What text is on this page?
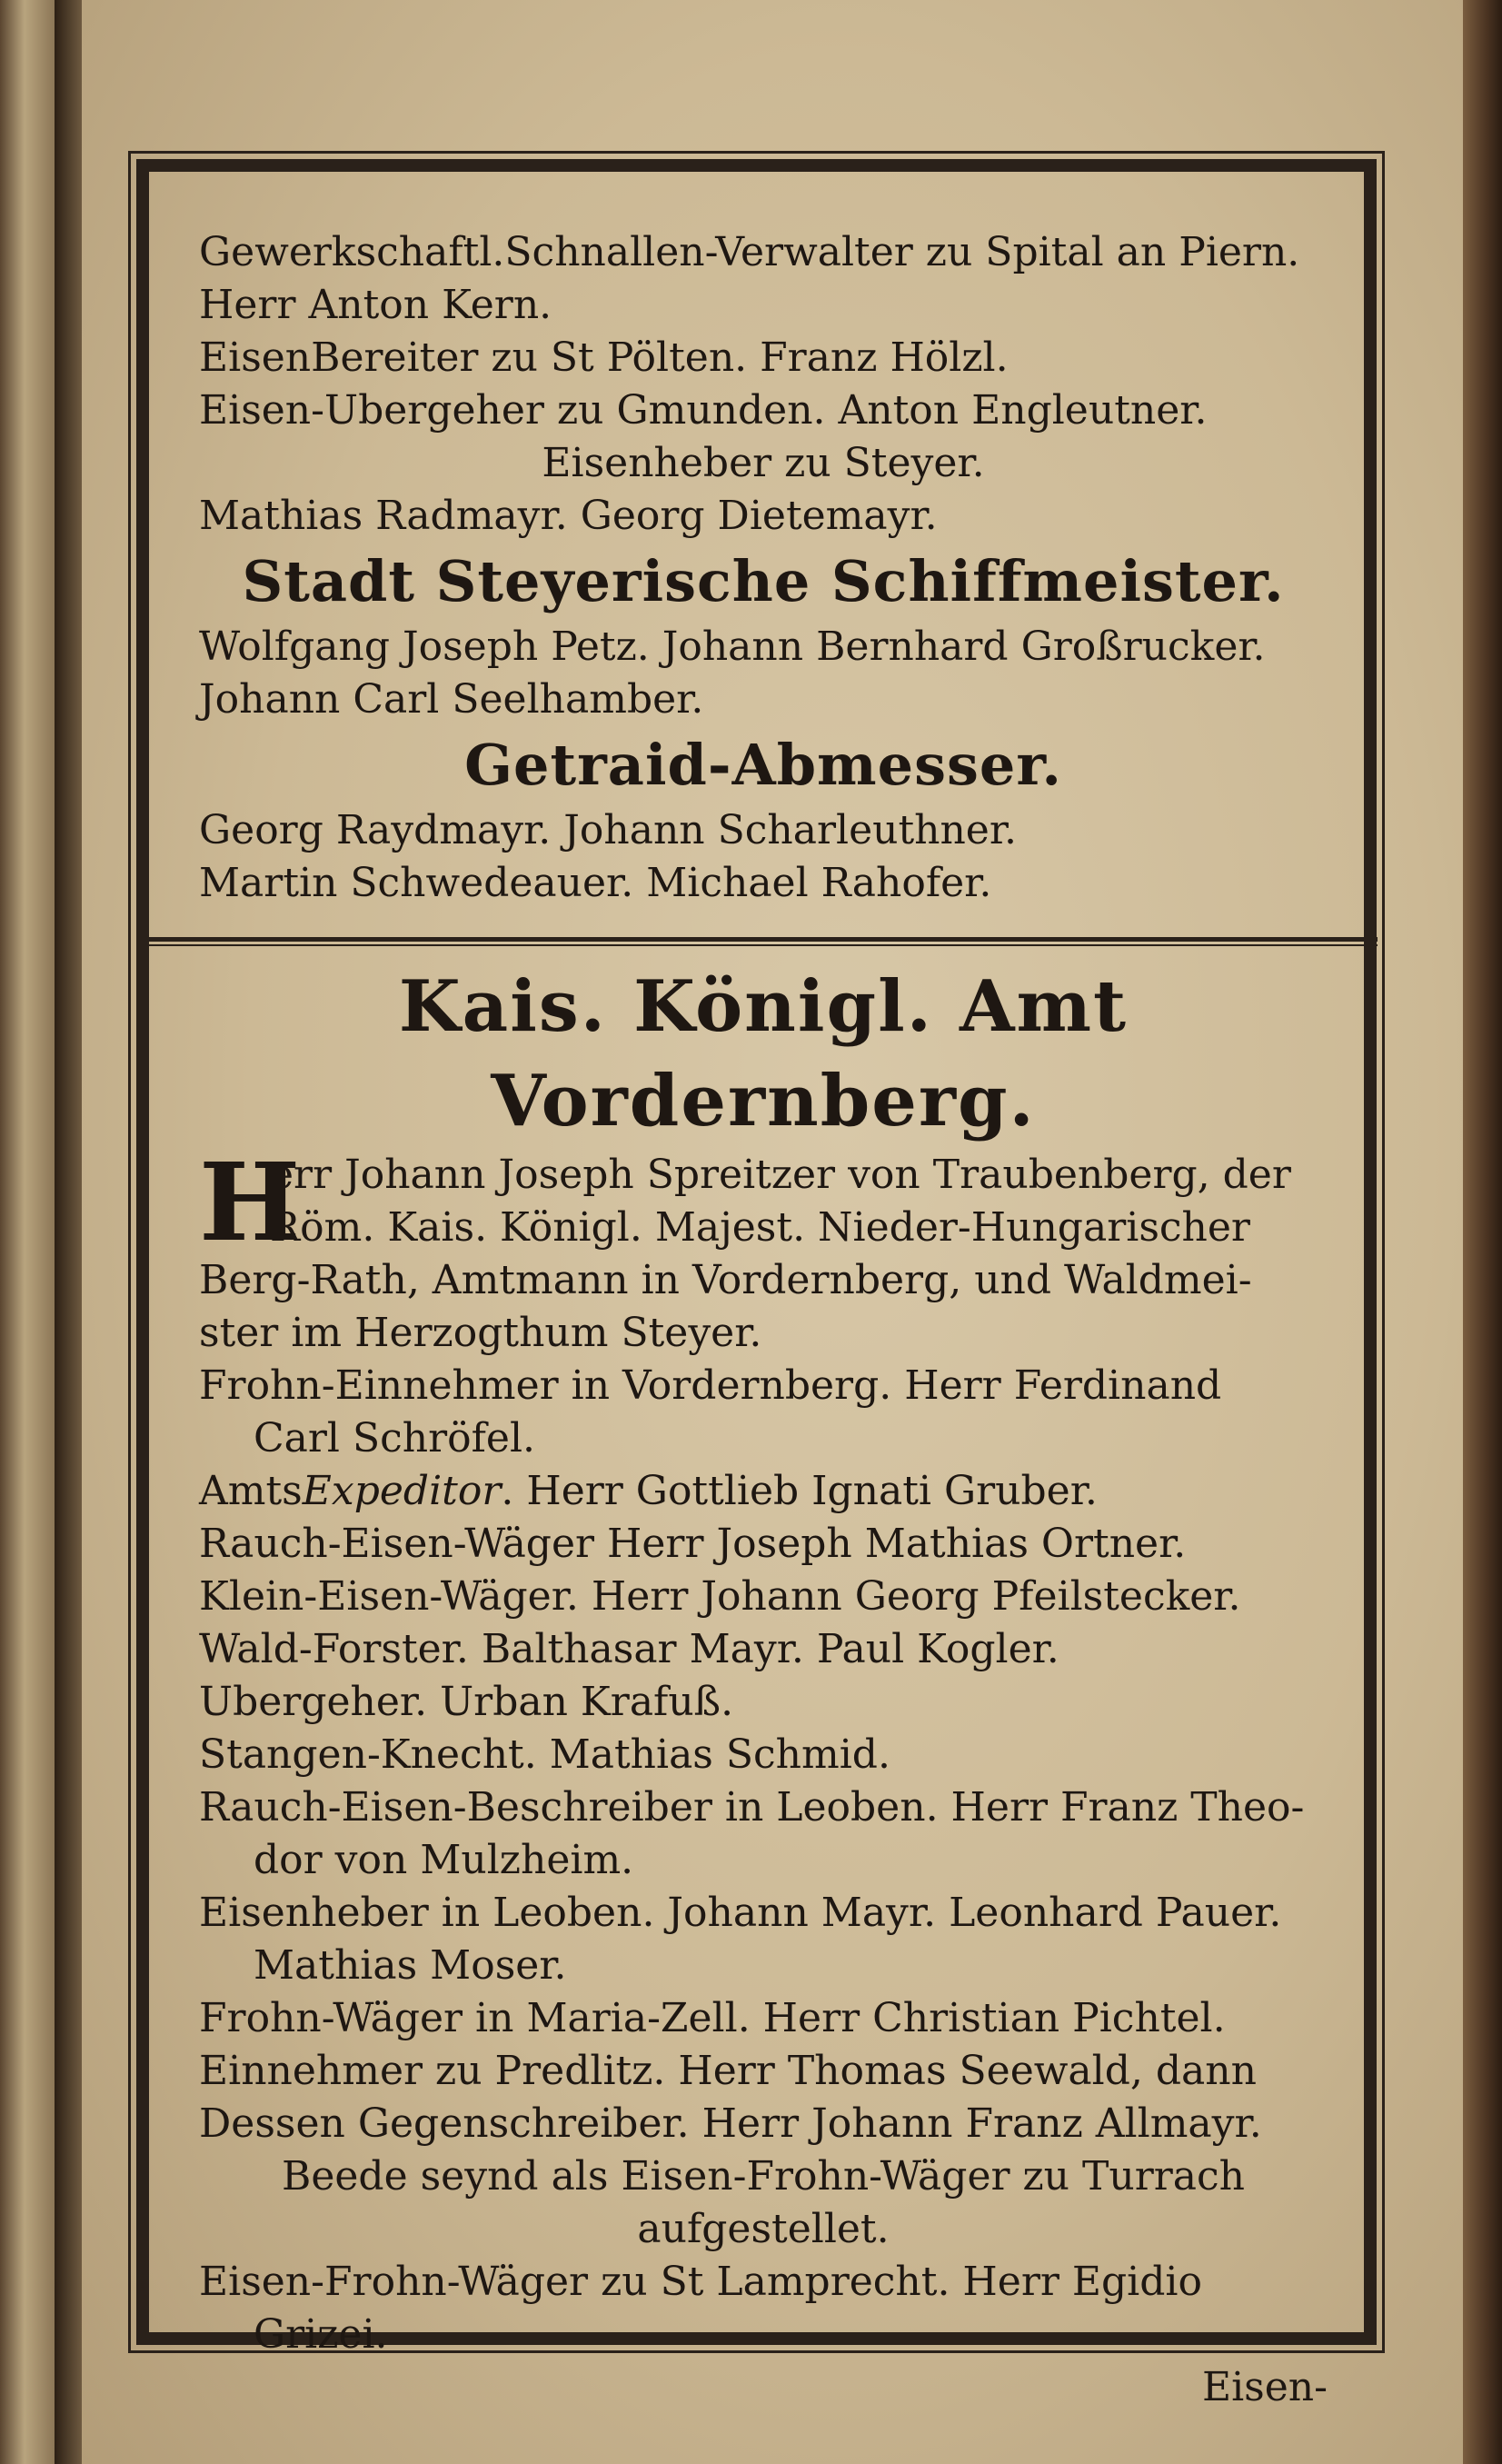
Gewerkschaftl.Schnallen-Verwalter zu Spital an Piern.
Herr Anton Kern.
EisenBereiter zu St Pölten. Franz Hölzl.
Eisen-Ubergeher zu Gmunden. Anton Engleutner.
Eisenheber zu Steyer.
Mathias Radmayr. Georg Dietemayr.
Stadt Steyerische Schiffmeister.
Wolfgang Joseph Petz. Johann Bernhard Großrucker.
Johann Carl Seelhamber.
Getraid-Abmesser.
Georg Raydmayr. Johann Scharleuthner.
Martin Schwedeauer. Michael Rahofer.
Kais. Königl. Amt Vordernberg.
H
err Johann Joseph Spreitzer von Traubenberg, der
Röm. Kais. Königl. Majest. Nieder-Hungarischer
Berg-Rath, Amtmann in Vordernberg, und Waldmei-
ster im Herzogthum Steyer.
Frohn-Einnehmer in Vordernberg. Herr Ferdinand
Carl Schröfel.
AmtsExpeditor. Herr Gottlieb Ignati Gruber.
Rauch-Eisen-Wäger Herr Joseph Mathias Ortner.
Klein-Eisen-Wäger. Herr Johann Georg Pfeilstecker.
Wald-Forster. Balthasar Mayr. Paul Kogler.
Ubergeher. Urban Krafuß.
Stangen-Knecht. Mathias Schmid.
Rauch-Eisen-Beschreiber in Leoben. Herr Franz Theo-
dor von Mulzheim.
Eisenheber in Leoben. Johann Mayr. Leonhard Pauer.
Mathias Moser.
Frohn-Wäger in Maria-Zell. Herr Christian Pichtel.
Einnehmer zu Predlitz. Herr Thomas Seewald, dann
Dessen Gegenschreiber. Herr Johann Franz Allmayr.
Beede seynd als Eisen-Frohn-Wäger zu Turrach
aufgestellet.
Eisen-Frohn-Wäger zu St Lamprecht. Herr Egidio
Grizei.
Eisen-
